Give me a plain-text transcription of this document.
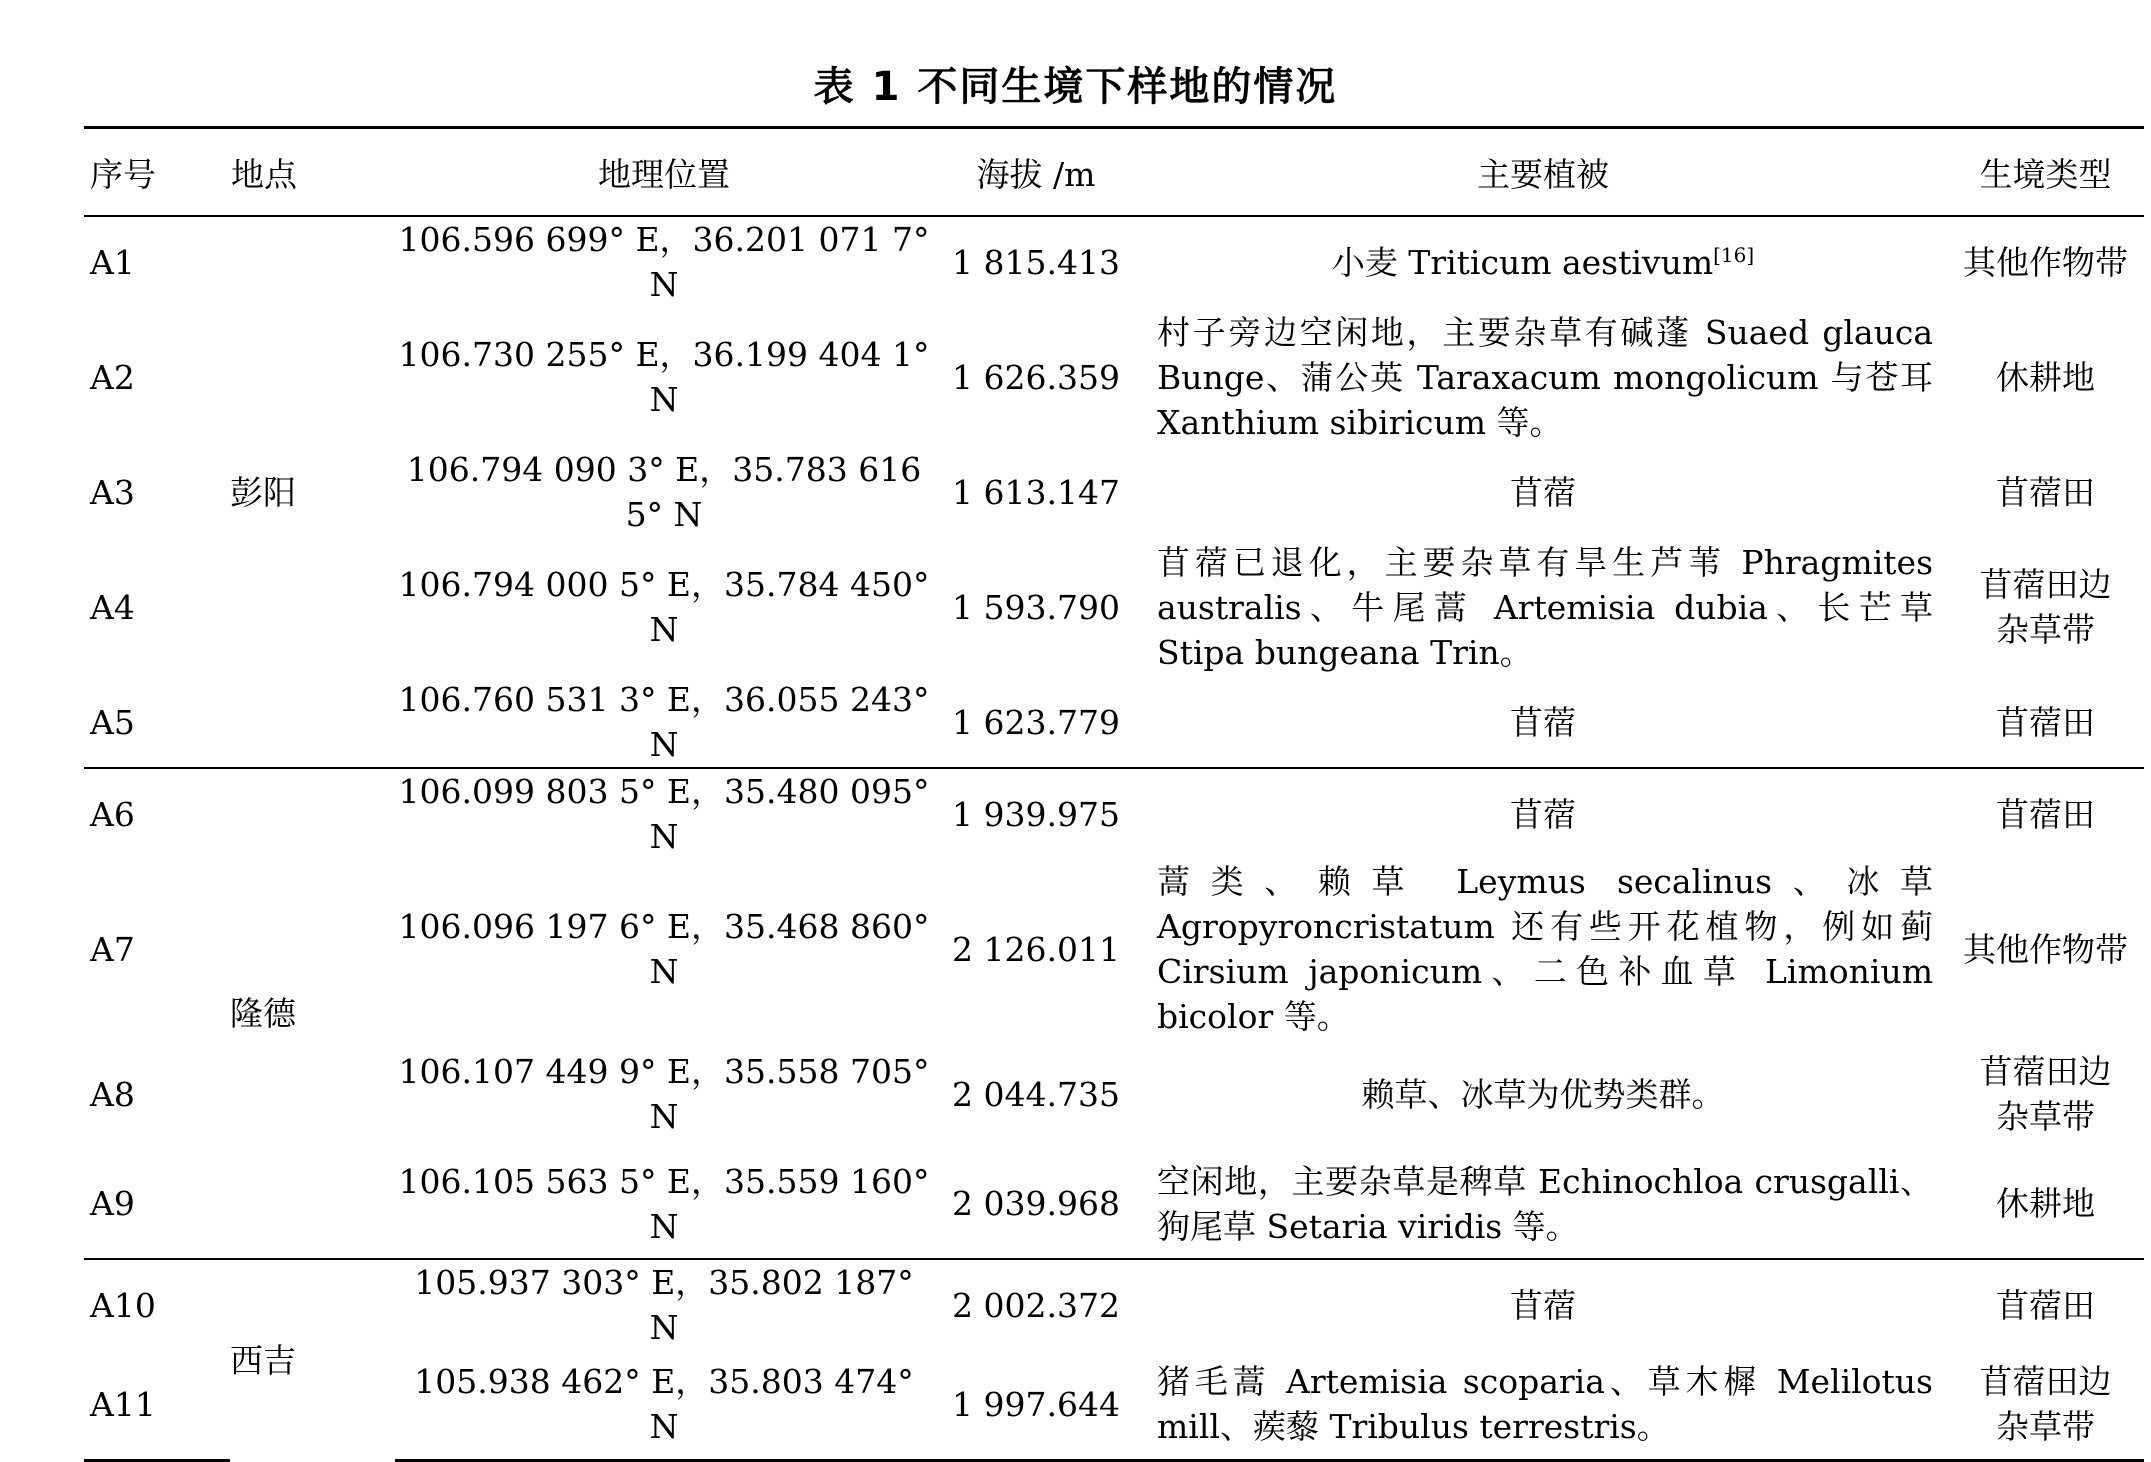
表 1 不同生境下样地的情况
序号	地点	地理位置	海拔 /m	主要植被	生境类型
A1	彭阳	106.596 699° E，36.201 071 7° N	1 815.413	小麦 Triticum aestivum[16]	其他作物带
A2		106.730 255° E，36.199 404 1° N	1 626.359	村子旁边空闲地，主要杂草有碱蓬 Suaed glauca Bunge、蒲公英 Taraxacum mongolicum 与苍耳 Xanthium sibiricum 等。	休耕地
A3		106.794 090 3° E，35.783 616 5° N	1 613.147	苜蓿	苜蓿田
A4		106.794 000 5° E，35.784 450° N	1 593.790	苜蓿已退化，主要杂草有旱生芦苇 Phragmites australis、牛尾蒿 Artemisia dubia、长芒草 Stipa bungeana Trin。	苜蓿田边杂草带
A5		106.760 531 3° E，36.055 243° N	1 623.779	苜蓿	苜蓿田
A6	隆德	106.099 803 5° E，35.480 095° N	1 939.975	苜蓿	苜蓿田
A7		106.096 197 6° E，35.468 860° N	2 126.011	蒿类、赖草 Leymus secalinus、冰草 Agropyroncristatum 还有些开花植物，例如蓟 Cirsium japonicum、二色补血草 Limonium bicolor 等。	其他作物带
A8		106.107 449 9° E，35.558 705° N	2 044.735	赖草、冰草为优势类群。	苜蓿田边杂草带
A9		106.105 563 5° E，35.559 160° N	2 039.968	空闲地，主要杂草是稗草 Echinochloa crusgalli、狗尾草 Setaria viridis 等。	休耕地
A10	西吉	105.937 303° E，35.802 187° N	2 002.372	苜蓿	苜蓿田
A11		105.938 462° E，35.803 474° N	1 997.644	猪毛蒿 Artemisia scoparia、草木樨 Melilotus mill、蒺藜 Tribulus terrestris。	苜蓿田边杂草带
